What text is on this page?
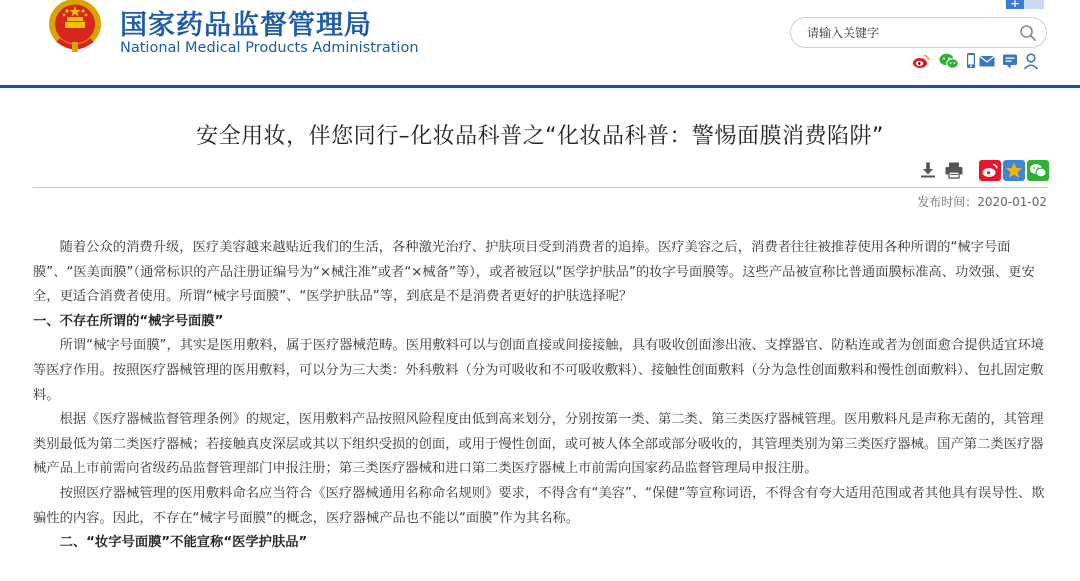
国家药品监督管理局
National Medical Products Administration
+
请输入关键字
安全用妆，伴您同行–化妆品科普之“化妆品科普：警惕面膜消费陷阱”
发布时间：2020-01-02

随着公众的消费升级，医疗美容越来越贴近我们的生活，各种激光治疗、护肤项目受到消费者的追捧。医疗美容之后，消费者往往被推荐使用各种所谓的“械字号面膜”、“医美面膜”（通常标识的产品注册证编号为“×械注准”或者“×械备”等），或者被冠以“医学护肤品”的妆字号面膜等。这些产品被宣称比普通面膜标准高、功效强、更安全，更适合消费者使用。所谓“械字号面膜”、“医学护肤品”等，到底是不是消费者更好的护肤选择呢？

一、不存在所谓的“械字号面膜”

所谓“械字号面膜”，其实是医用敷料，属于医疗器械范畴。医用敷料可以与创面直接或间接接触，具有吸收创面渗出液、支撑器官、防粘连或者为创面愈合提供适宜环境等医疗作用。按照医疗器械管理的医用敷料，可以分为三大类：外科敷料（分为可吸收和不可吸收敷料）、接触性创面敷料（分为急性创面敷料和慢性创面敷料）、包扎固定敷料。

根据《医疗器械监督管理条例》的规定，医用敷料产品按照风险程度由低到高来划分，分别按第一类、第二类、第三类医疗器械管理。医用敷料凡是声称无菌的，其管理类别最低为第二类医疗器械；若接触真皮深层或其以下组织受损的创面，或用于慢性创面，或可被人体全部或部分吸收的，其管理类别为第三类医疗器械。国产第二类医疗器械产品上市前需向省级药品监督管理部门申报注册；第三类医疗器械和进口第二类医疗器械上市前需向国家药品监督管理局申报注册。

按照医疗器械管理的医用敷料命名应当符合《医疗器械通用名称命名规则》要求，不得含有“美容”、“保健”等宣称词语，不得含有夸大适用范围或者其他具有误导性、欺骗性的内容。因此，不存在“械字号面膜”的概念，医疗器械产品也不能以“面膜”作为其名称。

二、“妆字号面膜”不能宣称“医学护肤品”
